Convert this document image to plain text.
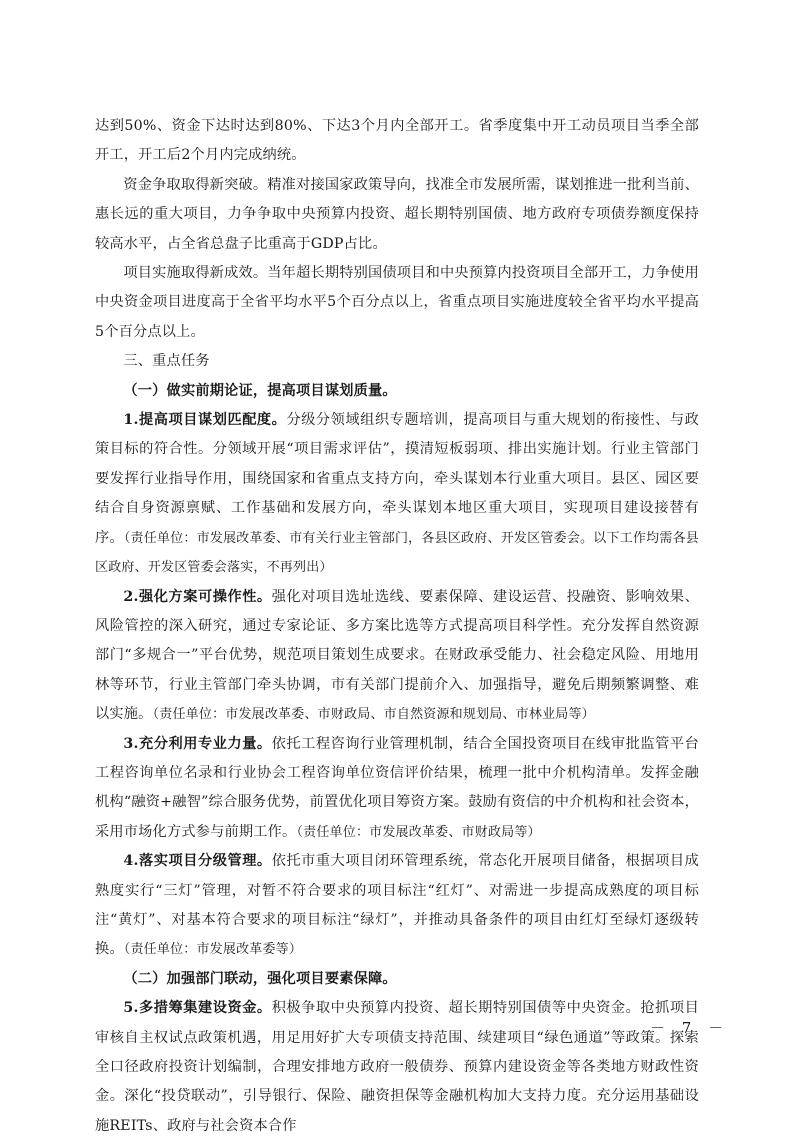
达到50%、资金下达时达到80%、下达3个月内全部开工。省季度集中开工动员项目当季全部开工，开工后2个月内完成纳统。

资金争取取得新突破。精准对接国家政策导向，找准全市发展所需，谋划推进一批利当前、惠长远的重大项目，力争争取中央预算内投资、超长期特别国债、地方政府专项债券额度保持较高水平，占全省总盘子比重高于GDP占比。

项目实施取得新成效。当年超长期特别国债项目和中央预算内投资项目全部开工，力争使用中央资金项目进度高于全省平均水平5个百分点以上，省重点项目实施进度较全省平均水平提高5个百分点以上。

三、重点任务

（一）做实前期论证，提高项目谋划质量。

1.提高项目谋划匹配度。分级分领域组织专题培训，提高项目与重大规划的衔接性、与政策目标的符合性。分领域开展“项目需求评估”，摸清短板弱项、排出实施计划。行业主管部门要发挥行业指导作用，围绕国家和省重点支持方向，牵头谋划本行业重大项目。县区、园区要结合自身资源禀赋、工作基础和发展方向，牵头谋划本地区重大项目，实现项目建设接替有序。（责任单位：市发展改革委、市有关行业主管部门，各县区政府、开发区管委会。以下工作均需各县区政府、开发区管委会落实，不再列出）

2.强化方案可操作性。强化对项目选址选线、要素保障、建设运营、投融资、影响效果、风险管控的深入研究，通过专家论证、多方案比选等方式提高项目科学性。充分发挥自然资源部门“多规合一”平台优势，规范项目策划生成要求。在财政承受能力、社会稳定风险、用地用林等环节，行业主管部门牵头协调，市有关部门提前介入、加强指导，避免后期频繁调整、难以实施。（责任单位：市发展改革委、市财政局、市自然资源和规划局、市林业局等）

3.充分利用专业力量。依托工程咨询行业管理机制，结合全国投资项目在线审批监管平台工程咨询单位名录和行业协会工程咨询单位资信评价结果，梳理一批中介机构清单。发挥金融机构“融资+融智”综合服务优势，前置优化项目筹资方案。鼓励有资信的中介机构和社会资本，采用市场化方式参与前期工作。（责任单位：市发展改革委、市财政局等）

4.落实项目分级管理。依托市重大项目闭环管理系统，常态化开展项目储备，根据项目成熟度实行“三灯”管理，对暂不符合要求的项目标注“红灯”、对需进一步提高成熟度的项目标注“黄灯”、对基本符合要求的项目标注“绿灯”，并推动具备条件的项目由红灯至绿灯逐级转换。（责任单位：市发展改革委等）

（二）加强部门联动，强化项目要素保障。

5.多措筹集建设资金。积极争取中央预算内投资、超长期特别国债等中央资金。抢抓项目审核自主权试点政策机遇，用足用好扩大专项债支持范围、续建项目“绿色通道”等政策。探索全口径政府投资计划编制，合理安排地方政府一般债券、预算内建设资金等各类地方财政性资金。深化“投贷联动”，引导银行、保险、融资担保等金融机构加大支持力度。充分运用基础设施REITs、政府与社会资本合作

－ 7 －
